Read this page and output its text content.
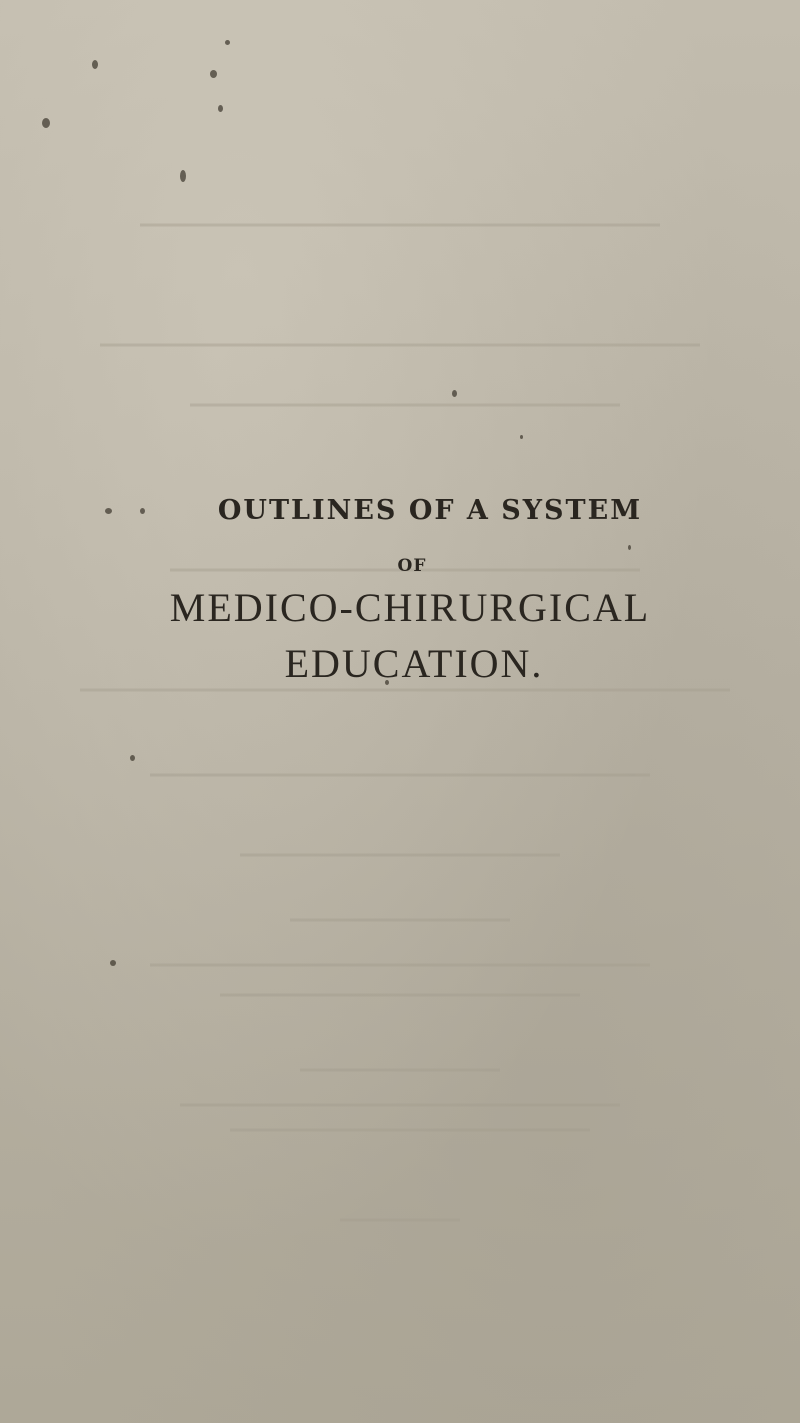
OUTLINES OF A SYSTEM
OF
MEDICO-CHIRURGICAL
EDUCATION.
